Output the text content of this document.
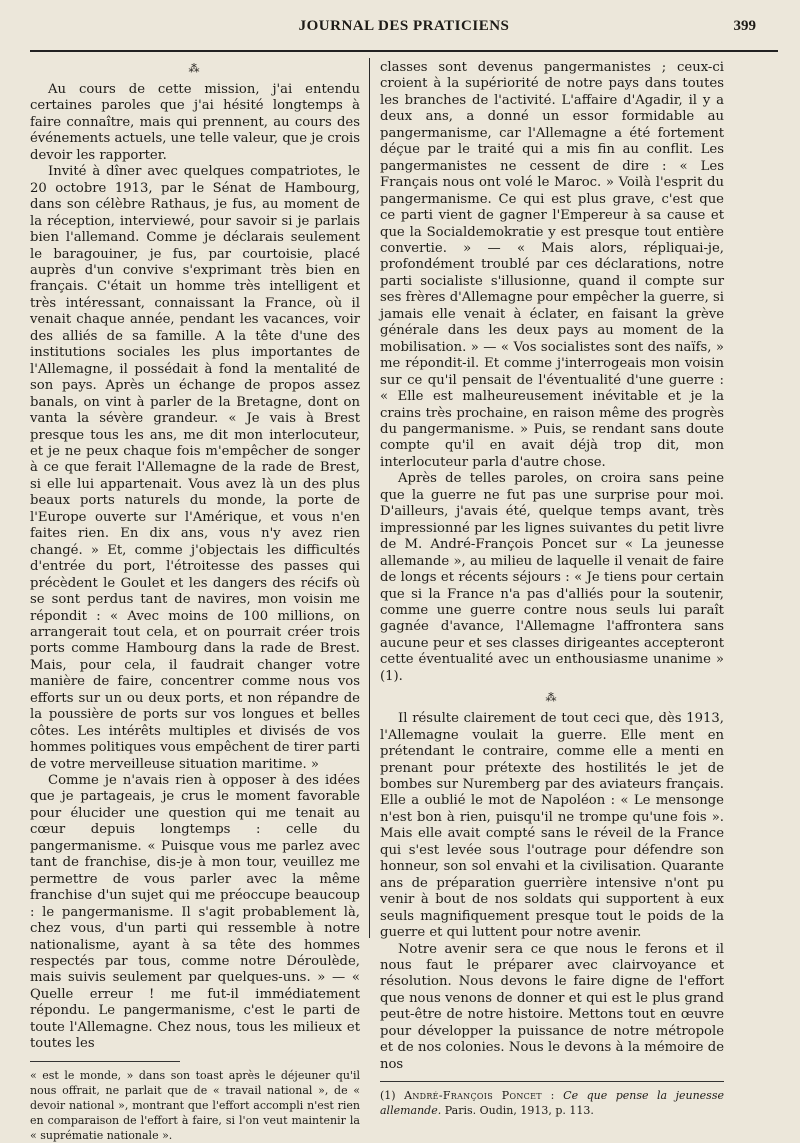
JOURNAL DES PRATICIENS	399
⁂

Au cours de cette mission, j'ai entendu certaines paroles que j'ai hésité longtemps à faire connaître, mais qui prennent, au cours des événements actuels, une telle valeur, que je crois devoir les rapporter.

Invité à dîner avec quelques compatriotes, le 20 octobre 1913, par le Sénat de Hambourg, dans son célèbre Rathaus, je fus, au moment de la réception, interviewé, pour savoir si je parlais bien l'allemand. Comme je déclarais seulement le baragouiner, je fus, par courtoisie, placé auprès d'un convive s'exprimant très bien en français. C'était un homme très intelligent et très intéressant, connaissant la France, où il venait chaque année, pendant les vacances, voir des alliés de sa famille. A la tête d'une des institutions sociales les plus importantes de l'Allemagne, il possédait à fond la mentalité de son pays. Après un échange de propos assez banals, on vint à parler de la Bretagne, dont on vanta la sévère grandeur. « Je vais à Brest presque tous les ans, me dit mon interlocuteur, et je ne peux chaque fois m'empêcher de songer à ce que ferait l'Allemagne de la rade de Brest, si elle lui appartenait. Vous avez là un des plus beaux ports naturels du monde, la porte de l'Europe ouverte sur l'Amérique, et vous n'en faites rien. En dix ans, vous n'y avez rien changé. » Et, comme j'objectais les difficultés d'entrée du port, l'étroitesse des passes qui précèdent le Goulet et les dangers des récifs où se sont perdus tant de navires, mon voisin me répondit : « Avec moins de 100 millions, on arrangerait tout cela, et on pourrait créer trois ports comme Hambourg dans la rade de Brest. Mais, pour cela, il faudrait changer votre manière de faire, concentrer comme nous vos efforts sur un ou deux ports, et non répandre de la poussière de ports sur vos longues et belles côtes. Les intérêts multiples et divisés de vos hommes politiques vous empêchent de tirer parti de votre merveilleuse situation maritime. »

Comme je n'avais rien à opposer à des idées que je partageais, je crus le moment favorable pour élucider une question qui me tenait au cœur depuis longtemps : celle du pangermanisme. « Puisque vous me parlez avec tant de franchise, dis-je à mon tour, veuillez me permettre de vous parler avec la même franchise d'un sujet qui me préoccupe beaucoup : le pangermanisme. Il s'agit probablement là, chez vous, d'un parti qui ressemble à notre nationalisme, ayant à sa tête des hommes respectés par tous, comme notre Déroulède, mais suivis seulement par quelques-uns. » — « Quelle erreur ! me fut-il immédiatement répondu. Le pangermanisme, c'est le parti de toute l'Allemagne. Chez nous, tous les milieux et toutes les

« est le monde, » dans son toast après le déjeuner qu'il nous offrait, ne parlait que de « travail national », de « devoir national », montrant que l'effort accompli n'est rien en comparaison de l'effort à faire, si l'on veut maintenir la « suprématie nationale ».

classes sont devenus pangermanistes ; ceux-ci croient à la supériorité de notre pays dans toutes les branches de l'activité. L'affaire d'Agadir, il y a deux ans, a donné un essor formidable au pangermanisme, car l'Allemagne a été fortement déçue par le traité qui a mis fin au conflit. Les pangermanistes ne cessent de dire : « Les Français nous ont volé le Maroc. » Voilà l'esprit du pangermanisme. Ce qui est plus grave, c'est que ce parti vient de gagner l'Empereur à sa cause et que la Socialdemokratie y est presque tout entière convertie. » — « Mais alors, répliquai-je, profondément troublé par ces déclarations, notre parti socialiste s'illusionne, quand il compte sur ses frères d'Allemagne pour empêcher la guerre, si jamais elle venait à éclater, en faisant la grève générale dans les deux pays au moment de la mobilisation. » — « Vos socialistes sont des naïfs, » me répondit-il. Et comme j'interrogeais mon voisin sur ce qu'il pensait de l'éventualité d'une guerre : « Elle est malheureusement inévitable et je la crains très prochaine, en raison même des progrès du pangermanisme. » Puis, se rendant sans doute compte qu'il en avait déjà trop dit, mon interlocuteur parla d'autre chose.

Après de telles paroles, on croira sans peine que la guerre ne fut pas une surprise pour moi. D'ailleurs, j'avais été, quelque temps avant, très impressionné par les lignes suivantes du petit livre de M. André-François Poncet sur « La jeunesse allemande », au milieu de laquelle il venait de faire de longs et récents séjours : « Je tiens pour certain que si la France n'a pas d'alliés pour la soutenir, comme une guerre contre nous seuls lui paraît gagnée d'avance, l'Allemagne l'affrontera sans aucune peur et ses classes dirigeantes accepteront cette éventualité avec un enthousiasme unanime » (1).

⁂

Il résulte clairement de tout ceci que, dès 1913, l'Allemagne voulait la guerre. Elle ment en prétendant le contraire, comme elle a menti en prenant pour prétexte des hostilités le jet de bombes sur Nuremberg par des aviateurs français. Elle a oublié le mot de Napoléon : « Le mensonge n'est bon à rien, puisqu'il ne trompe qu'une fois ». Mais elle avait compté sans le réveil de la France qui s'est levée sous l'outrage pour défendre son honneur, son sol envahi et la civilisation. Quarante ans de préparation guerrière intensive n'ont pu venir à bout de nos soldats qui supportent à eux seuls magnifiquement presque tout le poids de la guerre et qui luttent pour notre avenir.

Notre avenir sera ce que nous le ferons et il nous faut le préparer avec clairvoyance et résolution. Nous devons le faire digne de l'effort que nous venons de donner et qui est le plus grand peut-être de notre histoire. Mettons tout en œuvre pour développer la puissance de notre métropole et de nos colonies. Nous le devons à la mémoire de nos

(1) André-François Poncet : Ce que pense la jeunesse allemande. Paris. Oudin, 1913, p. 113.
